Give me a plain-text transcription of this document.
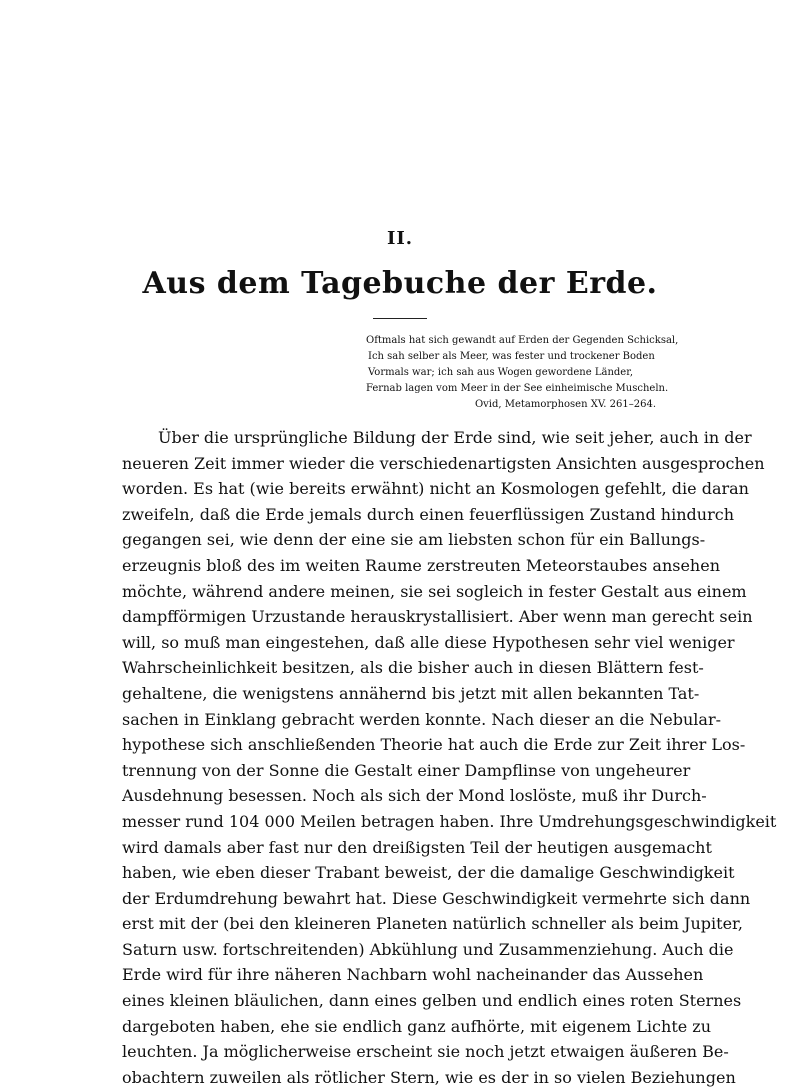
II.
Aus dem Tagebuche der Erde.
Oftmals hat sich gewandt auf Erden der Gegenden Schicksal,
Ich sah selber als Meer, was fester und trockener Boden
Vormals war; ich sah aus Wogen gewordene Länder,
Fernab lagen vom Meer in der See einheimische Muscheln.
Ovid, Metamorphosen XV. 261–264.
Über die ursprüngliche Bildung der Erde sind, wie seit jeher, auch in der
neueren Zeit immer wieder die verschiedenartigsten Ansichten ausgesprochen
worden. Es hat (wie bereits erwähnt) nicht an Kosmologen gefehlt, die daran
zweifeln, daß die Erde jemals durch einen feuerflüssigen Zustand hindurch
gegangen sei, wie denn der eine sie am liebsten schon für ein Ballungs-
erzeugnis bloß des im weiten Raume zerstreuten Meteorstaubes ansehen
möchte, während andere meinen, sie sei sogleich in fester Gestalt aus einem
dampfförmigen Urzustande herauskrystallisiert. Aber wenn man gerecht sein
will, so muß man eingestehen, daß alle diese Hypothesen sehr viel weniger
Wahrscheinlichkeit besitzen, als die bisher auch in diesen Blättern fest-
gehaltene, die wenigstens annähernd bis jetzt mit allen bekannten Tat-
sachen in Einklang gebracht werden konnte. Nach dieser an die Nebular-
hypothese sich anschließenden Theorie hat auch die Erde zur Zeit ihrer Los-
trennung von der Sonne die Gestalt einer Dampflinse von ungeheurer
Ausdehnung besessen. Noch als sich der Mond loslöste, muß ihr Durch-
messer rund 104 000 Meilen betragen haben. Ihre Umdrehungsgeschwindigkeit
wird damals aber fast nur den dreißigsten Teil der heutigen ausgemacht
haben, wie eben dieser Trabant beweist, der die damalige Geschwindigkeit
der Erdumdrehung bewahrt hat. Diese Geschwindigkeit vermehrte sich dann
erst mit der (bei den kleineren Planeten natürlich schneller als beim Jupiter,
Saturn usw. fortschreitenden) Abkühlung und Zusammenziehung. Auch die
Erde wird für ihre näheren Nachbarn wohl nacheinander das Aussehen
eines kleinen bläulichen, dann eines gelben und endlich eines roten Sternes
dargeboten haben, ehe sie endlich ganz aufhörte, mit eigenem Lichte zu
leuchten. Ja möglicherweise erscheint sie noch jetzt etwaigen äußeren Be-
obachtern zuweilen als rötlicher Stern, wie es der in so vielen Beziehungen
